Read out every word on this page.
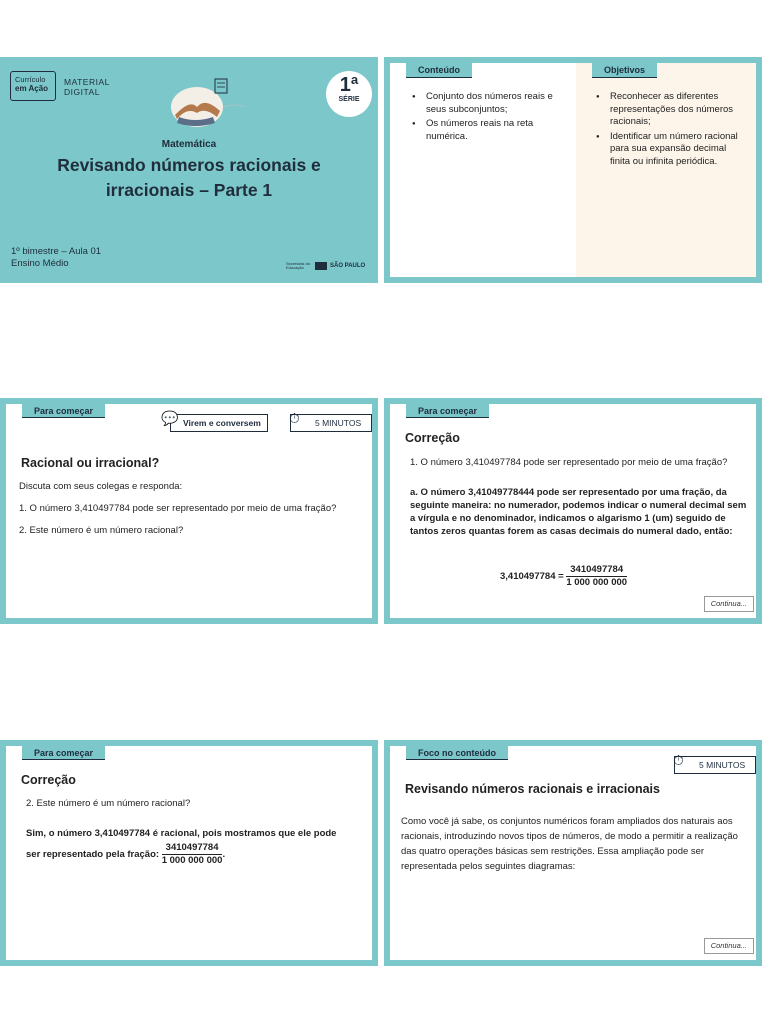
Currículo
em Ação
MATERIAL
DIGITAL	1ª
SÉRIE
Matemática
Revisando números racionais e irracionais – Parte 1
1º bimestre – Aula 01
Ensino Médio	Secretaria da Educação	SÃO PAULO
Conteúdo
● Conjunto dos números reais e seus subconjuntos;
● Os números reais na reta numérica.
Objetivos
● Reconhecer as diferentes representações dos números racionais;
● Identificar um número racional para sua expansão decimal finita ou infinita periódica.
Para começar	💬 Virem e conversem	⏱ 5 MINUTOS
Racional ou irracional?
Discuta com seus colegas e responda:
1. O número 3,410497784 pode ser representado por meio de uma fração?
2. Este número é um número racional?
Para começar
Correção
1. O número 3,410497784 pode ser representado por meio de uma fração?
a. O número 3,41049778444 pode ser representado por uma fração, da seguinte maneira: no numerador, podemos indicar o numeral decimal sem a vírgula e no denominador, indicamos o algarismo 1 (um) seguido de tantos zeros quantas forem as casas decimais do numeral dado, então:
$3,410497784 = \frac{3410497784}{1 000 000 000}$
Continua...
Para começar
Correção
2. Este número é um número racional?
Sim, o número 3,410497784 é racional, pois mostramos que ele pode
ser representado pela fração: $\frac{3410497784}{1 000 000 000}$ .
Foco no conteúdo	⏱ 5 MINUTOS
Revisando números racionais e irracionais
Como você já sabe, os conjuntos numéricos foram ampliados dos naturais aos racionais, introduzindo novos tipos de números, de modo a permitir a realização das quatro operações básicas sem restrições. Essa ampliação pode ser representada pelos seguintes diagramas:
Continua...
